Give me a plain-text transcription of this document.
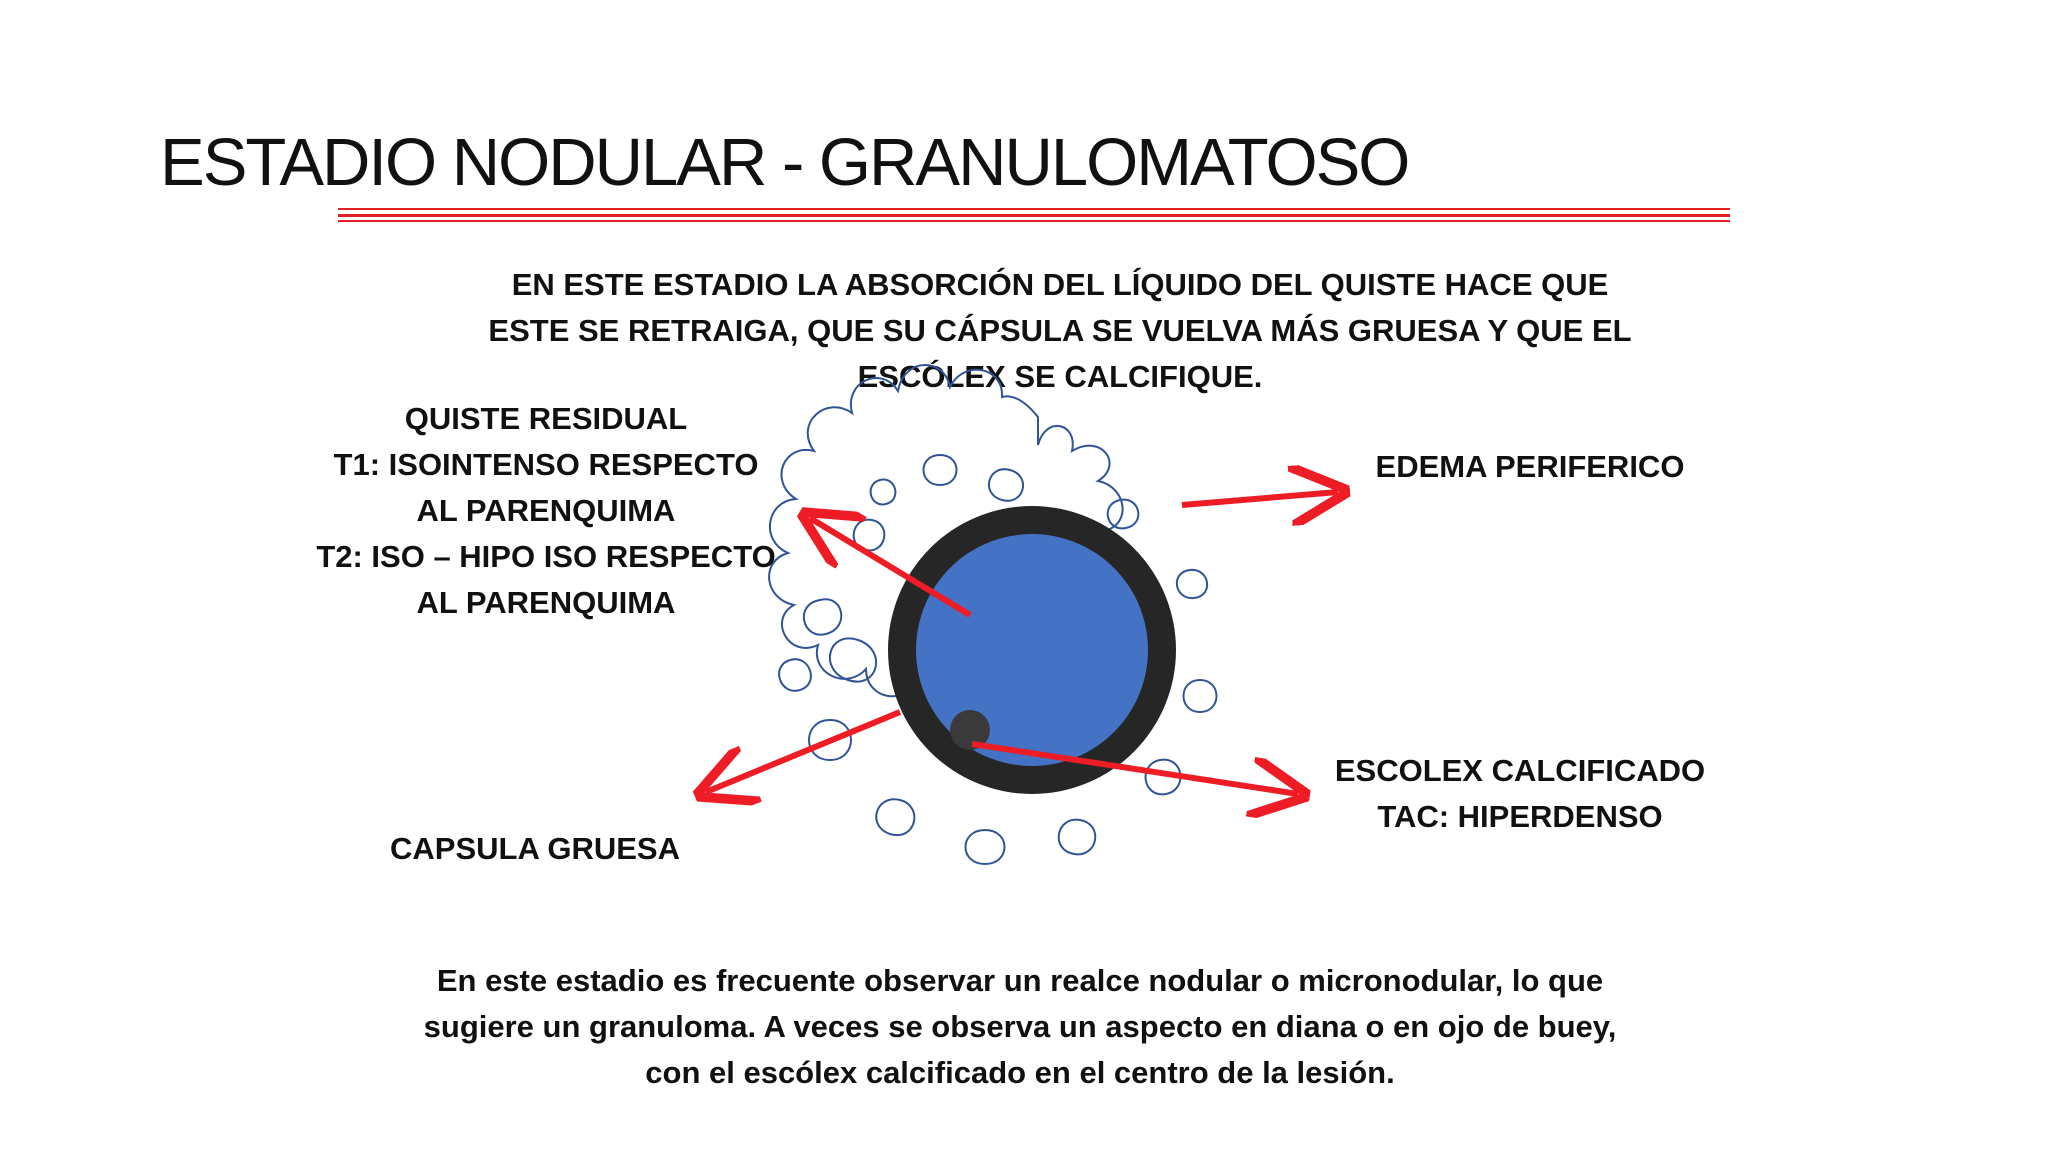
ESTADIO NODULAR - GRANULOMATOSO
EN ESTE ESTADIO LA ABSORCIÓN DEL LÍQUIDO DEL QUISTE HACE QUE
ESTE SE RETRAIGA, QUE SU CÁPSULA SE VUELVA MÁS GRUESA Y QUE EL
ESCÓLEX SE CALCIFIQUE.
QUISTE RESIDUAL
T1: ISOINTENSO RESPECTO
AL PARENQUIMA
T2: ISO – HIPO ISO RESPECTO
AL PARENQUIMA
EDEMA PERIFERICO
ESCOLEX CALCIFICADO
TAC: HIPERDENSO
CAPSULA GRUESA
En este estadio es frecuente observar un realce nodular o micronodular, lo que
sugiere un granuloma. A veces se observa un aspecto en diana o en ojo de buey,
con el escólex calcificado en el centro de la lesión.
